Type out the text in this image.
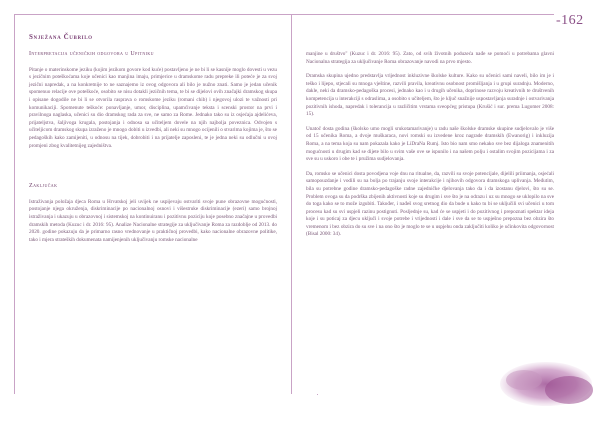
-162
Snježana Čubrilo
Interpretacija učeničkih odgovora u Upitniku

Pitanje o materinskome jeziku (kojim jezikom govore kod kuće) postavljeno je ne bi li se kasnije moglo dovesti u vezu s jezičnim poteškoćama koje učenici kao manjina imaju, primjerice u dramskome radu prepreke ili poteće je za svoj jezični napredak, a na konkretnije to ne saznajemo iz ovog odgovora ali bilo je nužno znati. Samo je jedan učenik spomenuo relacije ove poteškoće, osobito se nisu dotakli jezičnih tema, te bi se dijelovi ovih značajki dramskog skupa i opisane dogodile ne bi li se otvorila rasprava o romskome jeziku (romani chib) i njegovoj ulozi te važnosti pri komunikaciji. Spomenute teškoće: ponavljanje, umor, disciplina, upamćivanje teksta i scenski prostor na prvi i pravilnoga naglaska, učenici su dio dramskog rada za sve, ne samo za Rome. Jednako tako su iz osjećaja ajdelićeva, prijateljstva, šaljivoga krugala, postojanja i odnosa sa učiteljem dovele na njih najbolja poveznica. Odvojen s učiteljicom dramskog skupa izraženo je mnogo dobiti u izvedbi, ali neki su mnogo ocijenili o stvarima kojima je, što se pedagoških kako zamijeniti, u odnosu na tijek, dobrobiti i na prijatelje zaposleni, te je jedna neki su odlučni u ovoj promjeni zbog kvalitetnijeg zajedništva.

Zaključak

Istraživanja položaja djeca Roma u Hrvatskoj jeli uvijek ne uspijevaju ostvariti svoje pune obrazovne mogućnosti, postojanje njega okruženja, diskriminacije po nacionalnoj osnovi i višestruke diskriminacije (ezeri) samo brojnoj istraživanja i ukazuju u obrazovnoj i sistemskoj na kontinuiranu i pozitivnu poziciju koje posebno značajne u provedbi dramskih metoda (Kuzuc i dr. 2016: 95). Analize Nacionalne strategije za uključivanje Roma za razdoblje od 2013. do 2020. godine pokazuju da je primarno rasno vrednovanje u praktičnoj provedbi, kako nacionalne obrazovne politike, tako i mjera strateških dokumenata namijenjenih uključivanju romske nacionalne

manjine u društvo" (Kuzuc i dr. 2016: 95). Zato, od svih životnih poduzeća nađe se pomoći u potrebama glavni Nacionalna strategija za uključivanje Roma obrazovanje navodi na prvo mjesto.

Dramska skupina ujedno predstavlja vrijednost inkluzivne školske kulture. Kako su učenici sami naveli, bilo im je i teško i lijepo, stjecali su mnoga vještine, razvili pravila, kreativnu osobnost promišljanja i u grupi suradnju. Moderno, dakle, neki da dramsko-pedagoška procesi, jednako kao i u drugih učenika, doprinose razvoju kreativnih te društvenih kompetencija u interakciji s odraslima, a osobito s učiteljem, što je ključ snažnije uspostavljanja suradnje i ostvarivanja pozitivnih ishoda, napredak i tolerancija u različitim vrstama sveopćeg pristupa (Krušić i sur. prema Lugomer 2008: 15).

Unatoč dosta godina (školsko umo mogli srukotamarivanje) u radu naše školske dramske skupine sudjelovalo je više od 15 učenika Roma, a dvoje muškaraca, novi romski su izvedene kroz nagrade dramskih (Ewanorig) i inkluzija Roma, a na tema koja su nam pokazala kako je LiDraNa Rumj. Isto bio nam smo nekako sve bez dijaloga znamenitih mogućnosti u drugim kad se dijete bilo u svim vaše ove se ispunilo i na našem polju i ostalim svojim pozicijama i za sve su u uskoro i obe te i pružima sudjelovanja.

Da, romsko se učenici dosta povodjena voje dnu na ritualne, da, razvili su svoje potencijale, dijelili priimanja, osjećali samopouzdanje i vodili su na bolja po trajanju svoje interakcije i njihovih odgovora dramskoga uplivanja. Međutim, bila su potrebne godine dramsko-pedagoške radne zajedničke djelovanja tako da i da izostanu djelovi, što su se. Problem ovoga su da podrška zbijenih aktivnosti koje su drugim i sve što je na odrazu i uz su mnogo se uklopilo na sve do toga kako se to može izgubiti. Također, i nađeš svog sretnog dio da bude u kako tu bi se uključili svi učenici u tom procesu kad su svi uspjeli razinu postignuti. Posljednje su, kad će se uspjeti i do pozitivnog i prepoznati spektar ideja koje i su poticaj za djecu uključi i svoje potrebe i vrijednosti i dale i sve da se to uspješno prepozna bez obzira što vremenom i bez obzira do su sve i na ono što je moglo te se u uspjehu onda zaključiti koliko je učinkovita odgovornost (Bisal 2000: 34).
